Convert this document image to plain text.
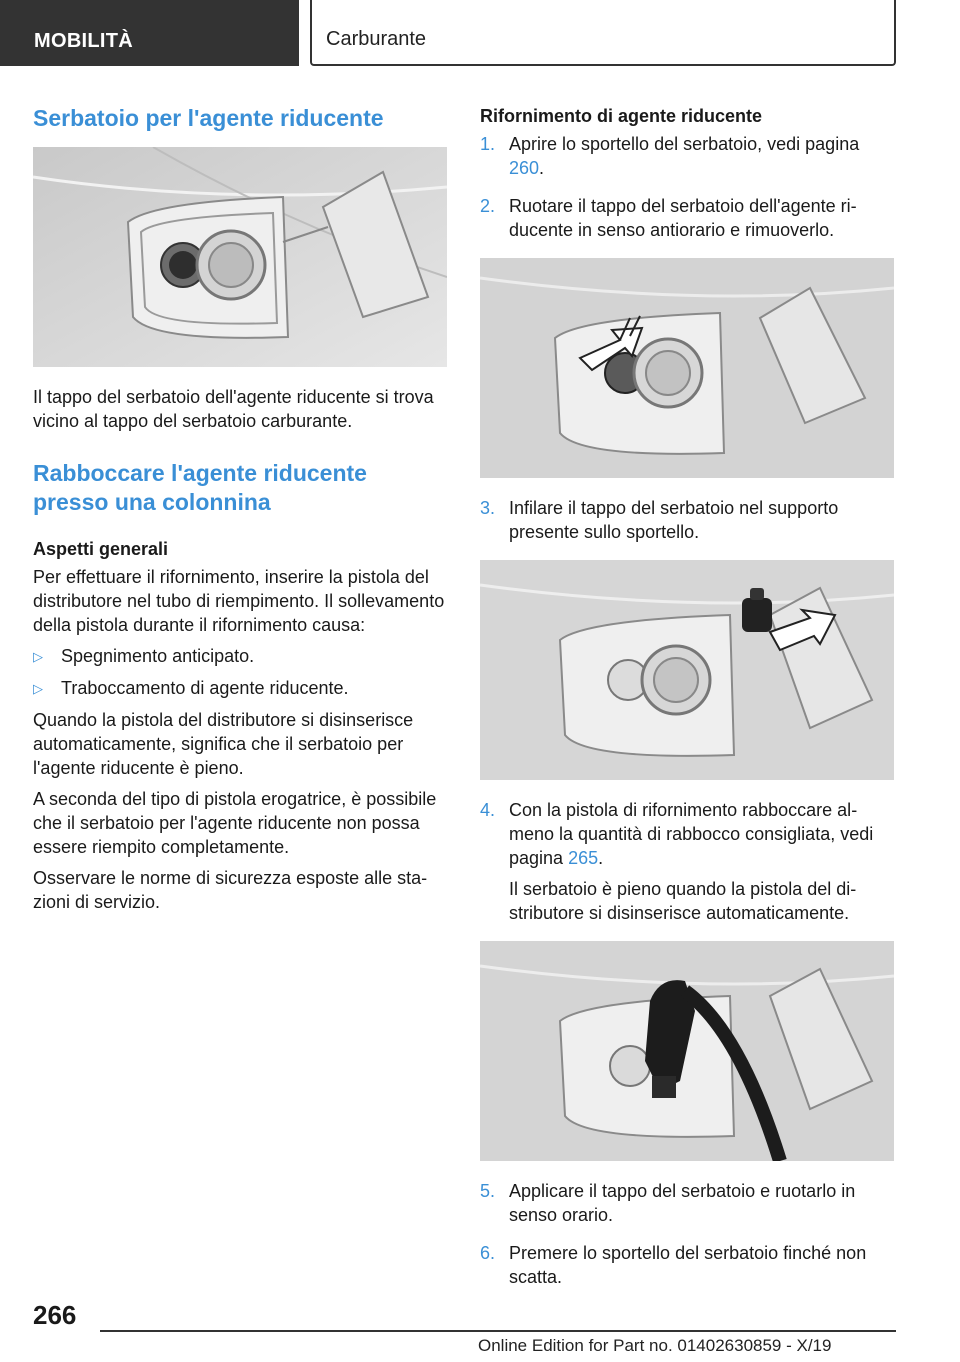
MOBILITÀ	Carburante
Serbatoio per l'agente riducente

Il tappo del serbatoio dell'agente riducente si trova vicino al tappo del serbatoio carburante.

Rabboccare l'agente riducente
presso una colonnina
Aspetti generali

Per effettuare il rifornimento, inserire la pistola del distributore nel tubo di riempimento. Il sollevamento della pistola durante il rifornimento causa:

▷	Spegnimento anticipato.
▷	Traboccamento di agente riducente.

Quando la pistola del distributore si disinserisce automaticamente, significa che il serbatoio per l'agente riducente è pieno.

A seconda del tipo di pistola erogatrice, è possibile che il serbatoio per l'agente riducente non possa essere riempito completamente.

Osservare le norme di sicurezza esposte alle stazioni di servizio.

Rifornimento di agente riducente
1. Aprire lo sportello del serbatoio, vedi pagina 260.

2. Ruotare il tappo del serbatoio dell'agente riducente in senso antiorario e rimuoverlo.

3. Infilare il tappo del serbatoio nel supporto presente sullo sportello.

4. Con la pistola di rifornimento rabboccare almeno la quantità di rabbocco consigliata, vedi pagina 265.

Il serbatoio è pieno quando la pistola del distributore si disinserisce automaticamente.

5. Applicare il tappo del serbatoio e ruotarlo in senso orario.

6. Premere lo sportello del serbatoio finché non scatta.

266
Online Edition for Part no. 01402630859 - X/19
